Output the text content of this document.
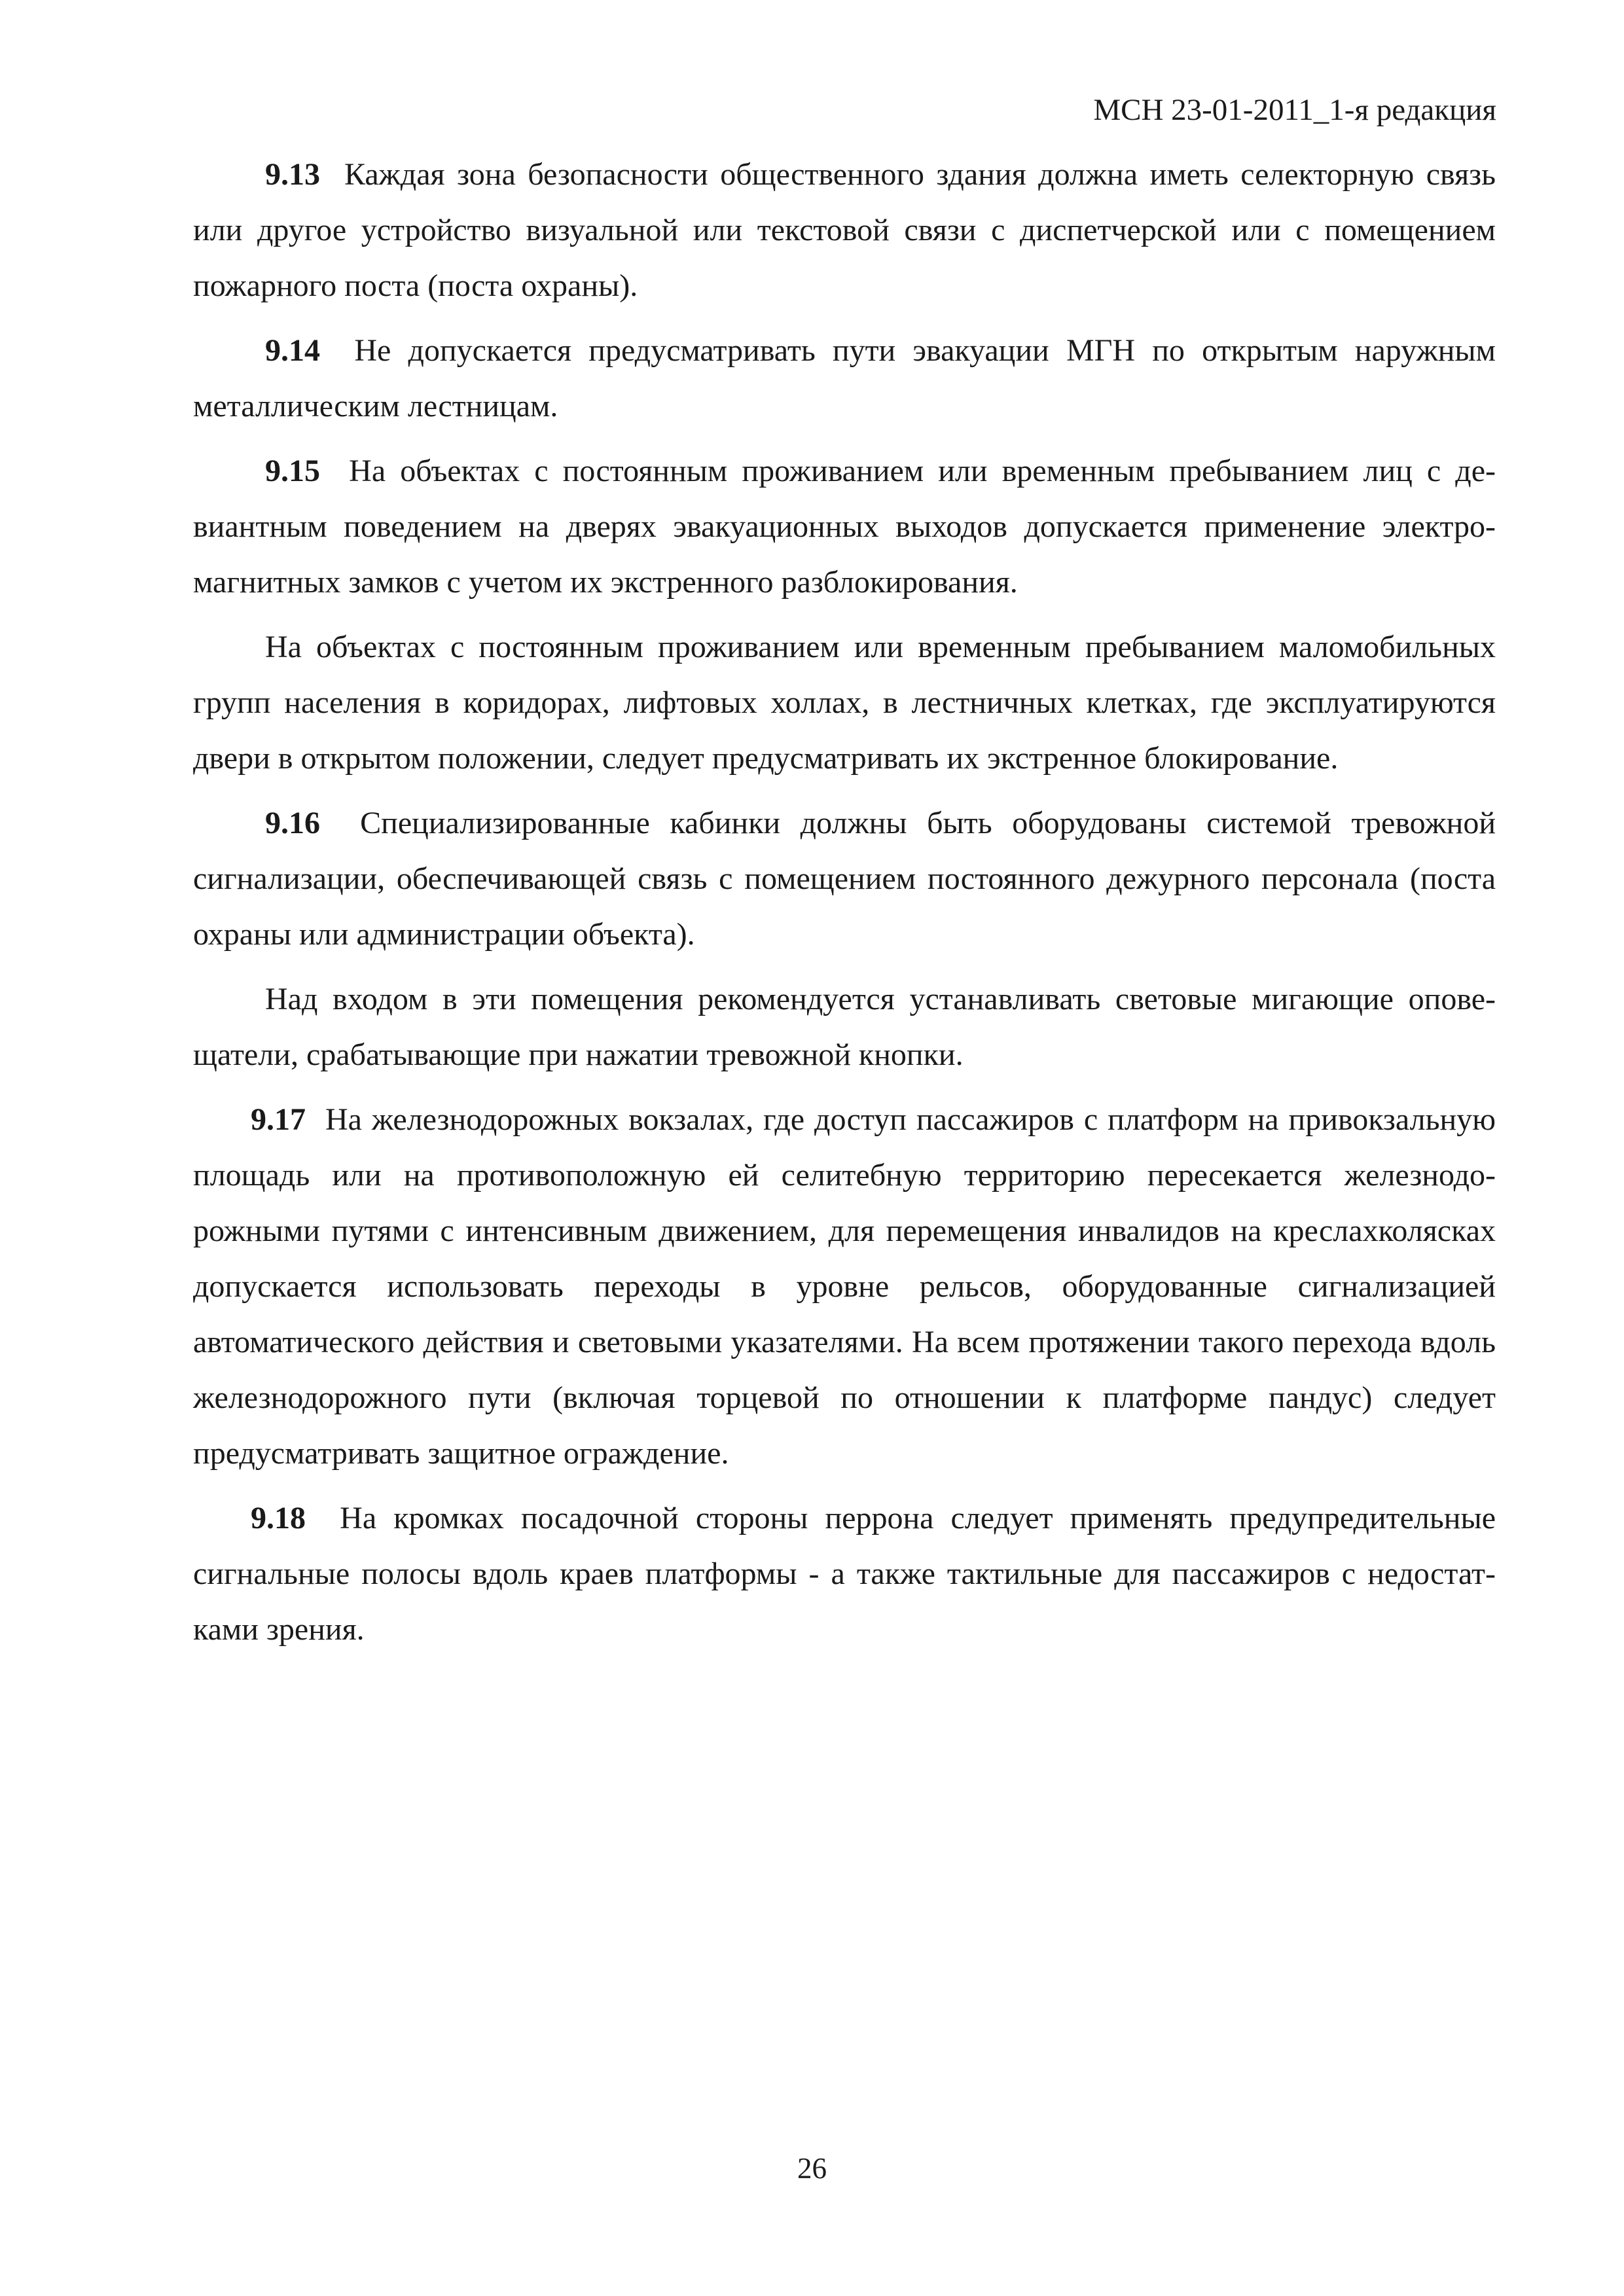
МСН 23-01-2011_1-я редакция

9.13 Каждая зона безопасности общественного здания должна иметь селекторную связь или другое устройство визуальной или текстовой связи с диспетчерской или с помещением пожарного поста (поста охраны).

9.14 Не допускается предусматривать пути эвакуации МГН по открытым наружным металлическим лестницам.

9.15 На объектах с постоянным проживанием или временным пребыванием лиц с девиантным поведением на дверях эвакуационных выходов допускается применение электромагнитных замков с учетом их экстренного разблокирования.

На объектах с постоянным проживанием или временным пребыванием маломобильных групп населения в коридорах, лифтовых холлах, в лестничных клетках, где эксплуатируются двери в открытом положении, следует предусматривать их экстренное блокирование.

9.16 Специализированные кабинки должны быть оборудованы системой тревожной сигнализации, обеспечивающей связь с помещением постоянного дежурного персонала (поста охраны или администрации объекта).

Над входом в эти помещения рекомендуется устанавливать световые мигающие оповещатели, срабатывающие при нажатии тревожной кнопки.

9.17 На железнодорожных вокзалах, где доступ пассажиров с платформ на привокзальную площадь или на противоположную ей селитебную территорию пересекается железнодорожными путями с интенсивным движением, для перемещения инвалидов на креслахколясках допускается использовать переходы в уровне рельсов, оборудованные сигнализацией автоматического действия и световыми указателями. На всем протяжении такого перехода вдоль железнодорожного пути (включая торцевой по отношении к платформе пандус) следует предусматривать защитное ограждение.

9.18 На кромках посадочной стороны перрона следует применять предупредительные сигнальные полосы вдоль краев платформы - а также тактильные для пассажиров с недостатками зрения.

26
